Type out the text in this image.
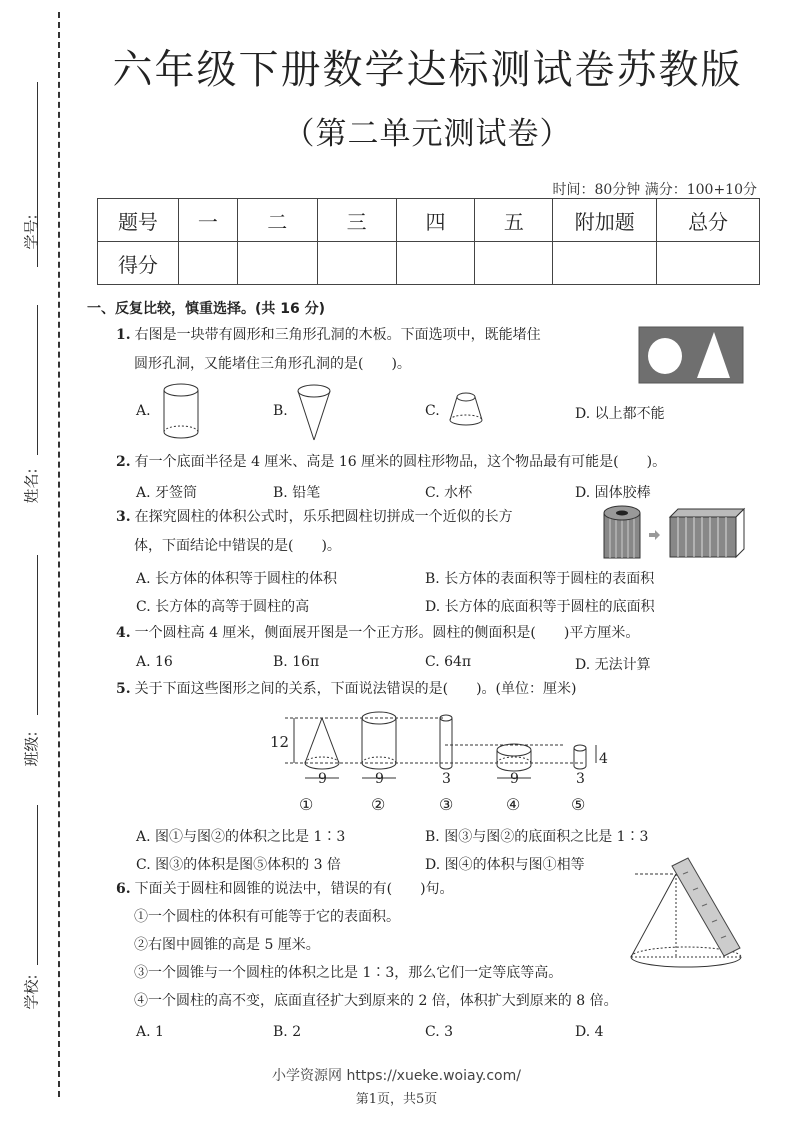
学号:
姓名:
班级:
学校:
六年级下册数学达标测试卷苏教版
（第二单元测试卷）
时间：80分钟 满分：100+10分
题号	一	二	三	四	五	附加题	总分
得分							
一、反复比较，慎重选择。(共 16 分)
1. 右图是一块带有圆形和三角形孔洞的木板。下面选项中，既能堵住
圆形孔洞，又能堵住三角形孔洞的是(　　)。
A.	B.	C.	D. 以上都不能
2. 有一个底面半径是 4 厘米、高是 16 厘米的圆柱形物品，这个物品最有可能是(　　)。
A. 牙签筒	B. 铅笔	C. 水杯	D. 固体胶棒
3. 在探究圆柱的体积公式时，乐乐把圆柱切拼成一个近似的长方
体，下面结论中错误的是(　　)。
A. 长方体的体积等于圆柱的体积	B. 长方体的表面积等于圆柱的表面积
C. 长方体的高等于圆柱的高	D. 长方体的底面积等于圆柱的底面积
4. 一个圆柱高 4 厘米，侧面展开图是一个正方形。圆柱的侧面积是(　　)平方厘米。
A. 16	B. 16π	C. 64π	D. 无法计算
5. 关于下面这些图形之间的关系，下面说法错误的是(　　)。(单位：厘米)
12
4
9	9	3	9	3
①	②	③	④	⑤
A. 图①与图②的体积之比是 1∶3	B. 图③与图②的底面积之比是 1∶3
C. 图③的体积是图⑤体积的 3 倍	D. 图④的体积与图①相等
6. 下面关于圆柱和圆锥的说法中，错误的有(　　)句。
①一个圆柱的体积有可能等于它的表面积。
②右图中圆锥的高是 5 厘米。
③一个圆锥与一个圆柱的体积之比是 1∶3，那么它们一定等底等高。
④一个圆柱的高不变，底面直径扩大到原来的 2 倍，体积扩大到原来的 8 倍。
A. 1	B. 2	C. 3	D. 4
小学资源网 https://xueke.woiay.com/
第1页，共5页
